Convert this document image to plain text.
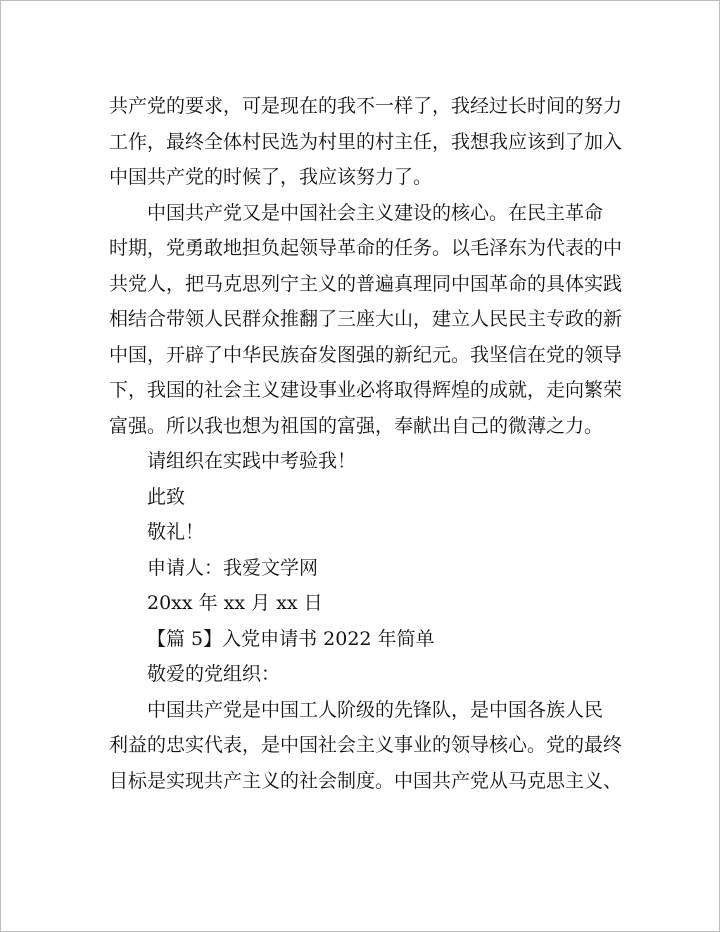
共产党的要求，可是现在的我不一样了，我经过长时间的努力
工作，最终全体村民选为村里的村主任，我想我应该到了加入
中国共产党的时候了，我应该努力了。
中国共产党又是中国社会主义建设的核心。在民主革命
时期，党勇敢地担负起领导革命的任务。以毛泽东为代表的中
共党人，把马克思列宁主义的普遍真理同中国革命的具体实践
相结合带领人民群众推翻了三座大山，建立人民民主专政的新
中国，开辟了中华民族奋发图强的新纪元。我坚信在党的领导
下，我国的社会主义建设事业必将取得辉煌的成就，走向繁荣
富强。所以我也想为祖国的富强，奉献出自己的微薄之力。
请组织在实践中考验我！
此致
敬礼！
申请人：我爱文学网
20xx 年 xx 月 xx 日
【篇 5】入党申请书 2022 年简单
敬爱的党组织：
中国共产党是中国工人阶级的先锋队，是中国各族人民
利益的忠实代表，是中国社会主义事业的领导核心。党的最终
目标是实现共产主义的社会制度。中国共产党从马克思主义、
